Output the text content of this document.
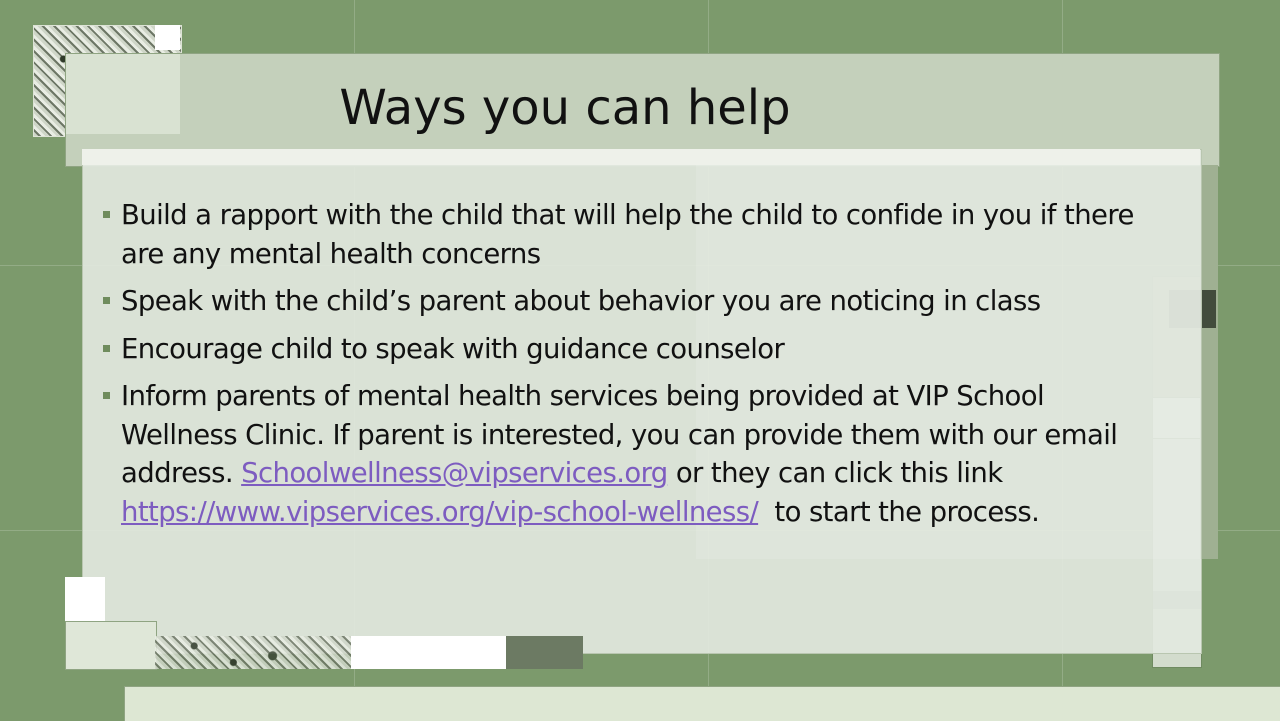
Ways you can help
Build a rapport with the child that will help the child to confide in you if there are any mental health concerns
Speak with the child’s parent about behavior you are noticing in class
Encourage child to speak with guidance counselor
Inform parents of mental health services being provided at VIP School Wellness Clinic. If parent is interested, you can provide them with our email address. Schoolwellness@vipservices.org or they can click this link https://www.vipservices.org/vip-school-wellness/  to start the process.
